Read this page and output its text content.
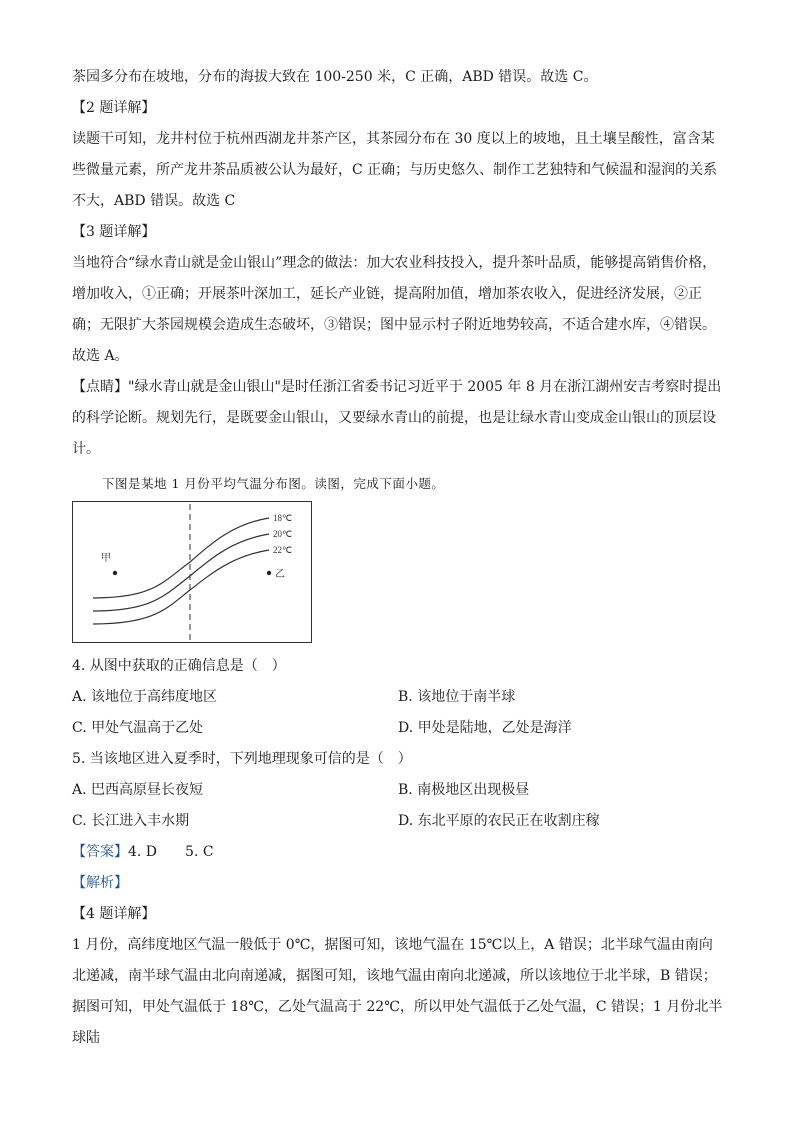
茶园多分布在坡地，分布的海拔大致在 100-250 米，C 正确，ABD 错误。故选 C。

【2 题详解】

读题干可知，龙井村位于杭州西湖龙井茶产区，其茶园分布在 30 度以上的坡地，且土壤呈酸性，富含某些微量元素，所产龙井茶品质被公认为最好，C 正确；与历史悠久、制作工艺独特和气候温和湿润的关系不大，ABD 错误。故选 C

【3 题详解】

当地符合“绿水青山就是金山银山”理念的做法：加大农业科技投入，提升茶叶品质，能够提高销售价格，增加收入，①正确；开展茶叶深加工，延长产业链，提高附加值，增加茶农收入，促进经济发展，②正确；无限扩大茶园规模会造成生态破坏，③错误；图中显示村子附近地势较高，不适合建水库，④错误。故选 A。

【点睛】"绿水青山就是金山银山"是时任浙江省委书记习近平于 2005 年 8 月在浙江湖州安吉考察时提出的科学论断。规划先行，是既要金山银山，又要绿水青山的前提，也是让绿水青山变成金山银山的顶层设计。

下图是某地 1 月份平均气温分布图。读图，完成下面小题。

18℃
20℃
22℃
甲
乙

4. 从图中获取的正确信息是（　）

A. 该地位于高纬度地区	B. 该地位于南半球
C. 甲处气温高于乙处	D. 甲处是陆地，乙处是海洋

5. 当该地区进入夏季时，下列地理现象可信的是（　）

A. 巴西高原昼长夜短	B. 南极地区出现极昼
C. 长江进入丰水期	D. 东北平原的农民正在收割庄稼

【答案】4. D　　5. C

【解析】

【4 题详解】

1 月份，高纬度地区气温一般低于 0℃，据图可知，该地气温在 15℃以上，A 错误；北半球气温由南向北递减，南半球气温由北向南递减，据图可知，该地气温由南向北递减，所以该地位于北半球，B 错误；据图可知，甲处气温低于 18℃，乙处气温高于 22℃，所以甲处气温低于乙处气温，C 错误；1 月份北半球陆
